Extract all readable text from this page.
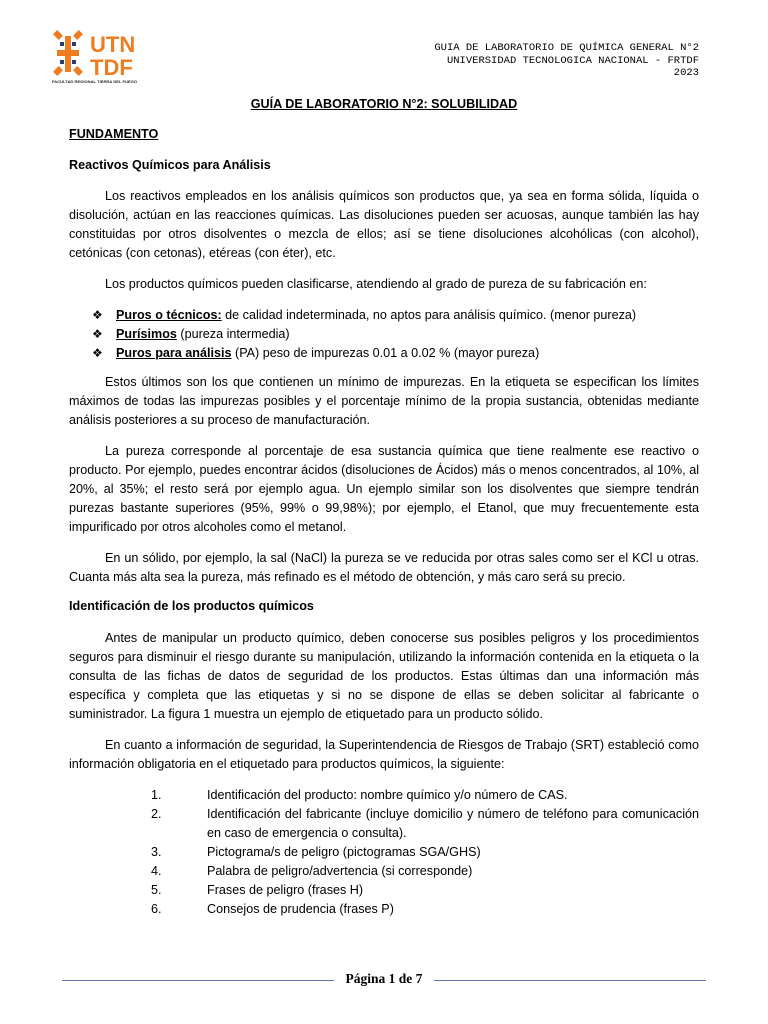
UTN
TDF
FACULTAD REGIONAL TIERRA DEL FUEGO
GUIA DE LABORATORIO DE QUÍMICA GENERAL N°2
UNIVERSIDAD TECNOLOGICA NACIONAL - FRTDF
2023
GUÍA DE LABORATORIO N°2: SOLUBILIDAD
FUNDAMENTO
Reactivos Químicos para Análisis

Los reactivos empleados en los análisis químicos son productos que, ya sea en forma sólida, líquida o disolución, actúan en las reacciones químicas. Las disoluciones pueden ser acuosas, aunque también las hay constituidas por otros disolventes o mezcla de ellos; así se tiene disoluciones alcohólicas (con alcohol), cetónicas (con cetonas), etéreas (con éter), etc.

Los productos químicos pueden clasificarse, atendiendo al grado de pureza de su fabricación en:

❖ Puros o técnicos: de calidad indeterminada, no aptos para análisis químico. (menor pureza)
❖ Purísimos (pureza intermedia)
❖ Puros para análisis (PA) peso de impurezas 0.01 a 0.02 % (mayor pureza)

Estos últimos son los que contienen un mínimo de impurezas. En la etiqueta se especifican los límites máximos de todas las impurezas posibles y el porcentaje mínimo de la propia sustancia, obtenidas mediante análisis posteriores a su proceso de manufacturación.

La pureza corresponde al porcentaje de esa sustancia química que tiene realmente ese reactivo o producto. Por ejemplo, puedes encontrar ácidos (disoluciones de Ácidos) más o menos concentrados, al 10%, al 20%, al 35%; el resto será por ejemplo agua. Un ejemplo similar son los disolventes que siempre tendrán purezas bastante superiores (95%, 99% o 99,98%); por ejemplo, el Etanol, que muy frecuentemente esta impurificado por otros alcoholes como el metanol.

En un sólido, por ejemplo, la sal (NaCl) la pureza se ve reducida por otras sales como ser el KCl u otras. Cuanta más alta sea la pureza, más refinado es el método de obtención, y más caro será su precio.

Identificación de los productos químicos

Antes de manipular un producto químico, deben conocerse sus posibles peligros y los procedimientos seguros para disminuir el riesgo durante su manipulación, utilizando la información contenida en la etiqueta o la consulta de las fichas de datos de seguridad de los productos. Estas últimas dan una información más específica y completa que las etiquetas y si no se dispone de ellas se deben solicitar al fabricante o suministrador. La figura 1 muestra un ejemplo de etiquetado para un producto sólido.

En cuanto a información de seguridad, la Superintendencia de Riesgos de Trabajo (SRT) estableció como información obligatoria en el etiquetado para productos químicos, la siguiente:

1.	Identificación del producto: nombre químico y/o número de CAS.
2.	Identificación del fabricante (incluye domicilio y número de teléfono para comunicación en caso de emergencia o consulta).
3.	Pictograma/s de peligro (pictogramas SGA/GHS)
4.	Palabra de peligro/advertencia (si corresponde)
5.	Frases de peligro (frases H)
6.	Consejos de prudencia (frases P)
Página 1 de 7
